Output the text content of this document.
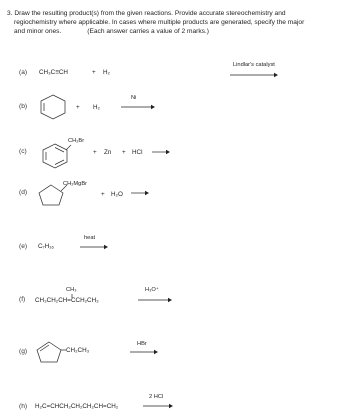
3. Draw the resulting product(s) from the given reactions. Provide accurate stereochemistry and
regiochemistry where applicable. In cases where multiple products are generated, specify the major
and minor ones.	(Each answer carries a value of 2 marks.)
(a) CH₃C≡CH	+ H₂
Lindlar's catalyst
(b)	+ H₂
Ni
(c)
CH₂Br
+ Zn + HCl
(d)
CH₂MgBr
+ H₂O
(e) C₇H₁₆
heat
(f)
CH₃
CH₃CH₂CH=CCH₂CH₃
H₃O⁺
(g)	CH₂CH₃
HBr
(h) H₂C=CHCH₂CH₂CH₂CH=CH₂
2 HCl
